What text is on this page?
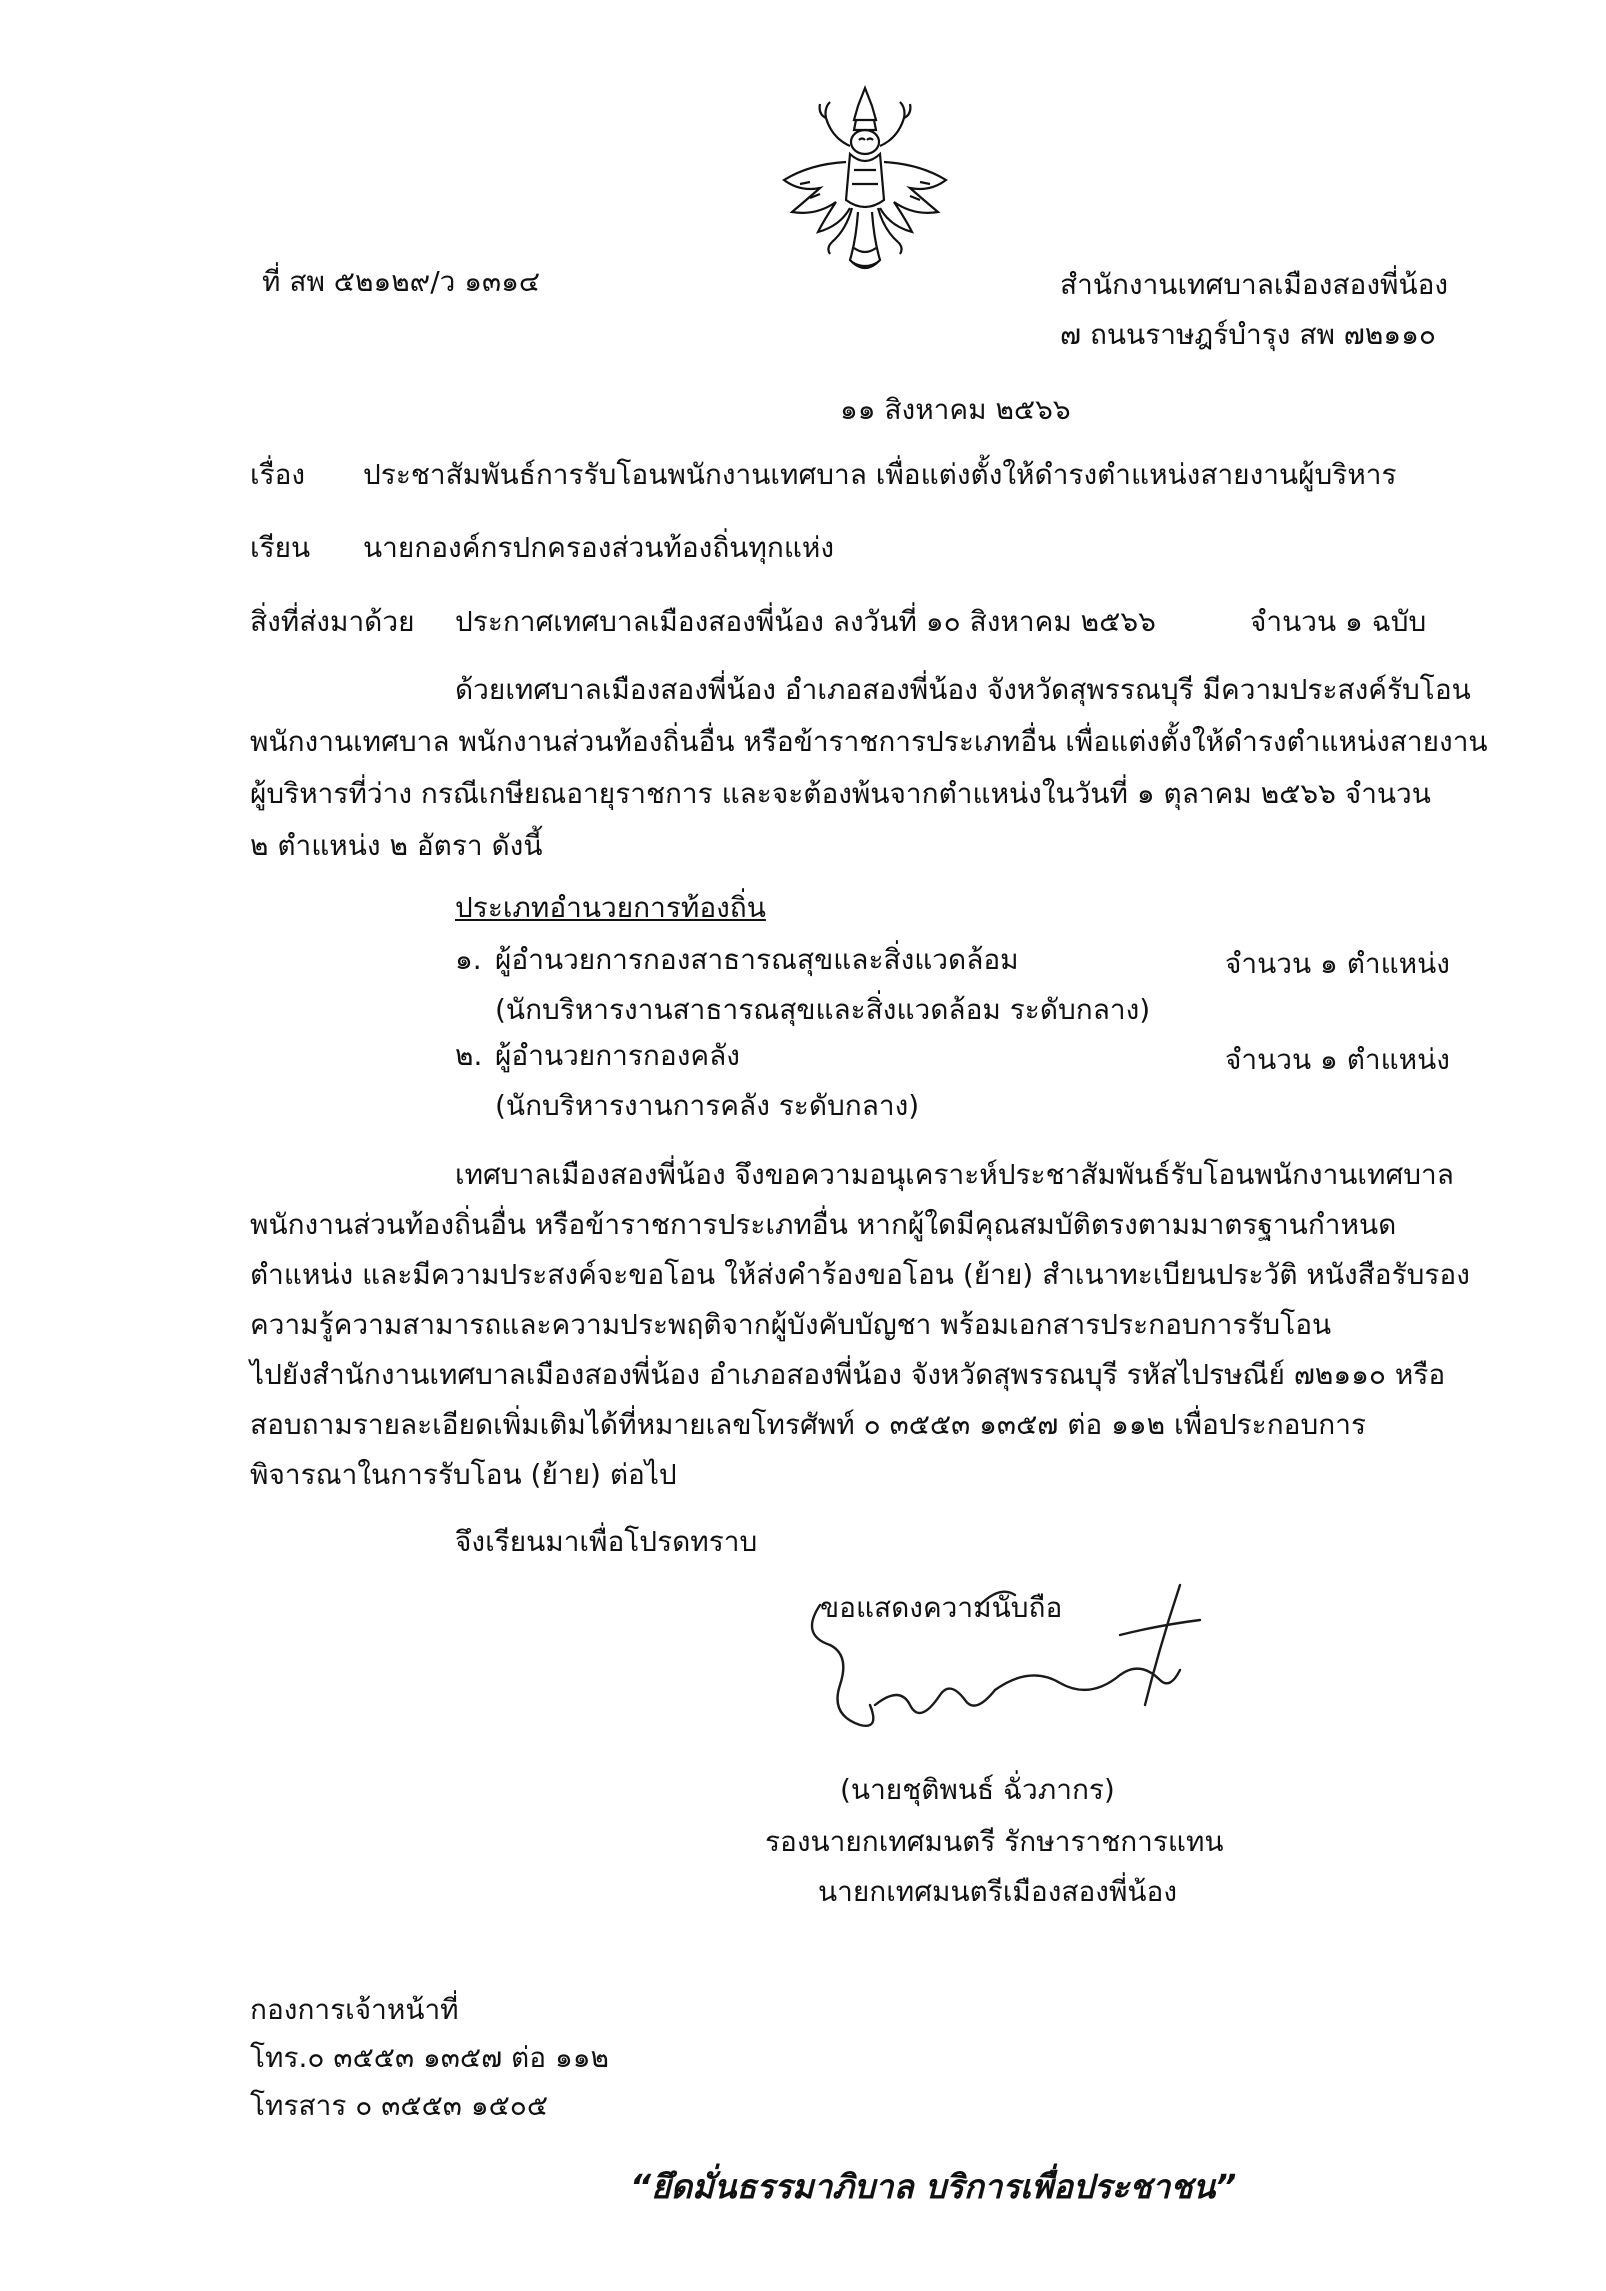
ที่ สพ ๕๒๑๒๙/ว ๑๓๑๔	สำนักงานเทศบาลเมืองสองพี่น้อง
๗ ถนนราษฎร์บำรุง สพ ๗๒๑๑๐
๑๑ สิงหาคม ๒๕๖๖
เรื่อง ประชาสัมพันธ์การรับโอนพนักงานเทศบาล เพื่อแต่งตั้งให้ดำรงตำแหน่งสายงานผู้บริหาร
เรียน นายกองค์กรปกครองส่วนท้องถิ่นทุกแห่ง
สิ่งที่ส่งมาด้วย ประกาศเทศบาลเมืองสองพี่น้อง ลงวันที่ ๑๐ สิงหาคม ๒๕๖๖	จำนวน ๑ ฉบับ
ด้วยเทศบาลเมืองสองพี่น้อง อำเภอสองพี่น้อง จังหวัดสุพรรณบุรี มีความประสงค์รับโอน
พนักงานเทศบาล พนักงานส่วนท้องถิ่นอื่น หรือข้าราชการประเภทอื่น เพื่อแต่งตั้งให้ดำรงตำแหน่งสายงาน
ผู้บริหารที่ว่าง กรณีเกษียณอายุราชการ และจะต้องพ้นจากตำแหน่งในวันที่ ๑ ตุลาคม ๒๕๖๖ จำนวน
๒ ตำแหน่ง ๒ อัตรา ดังนี้
ประเภทอำนวยการท้องถิ่น
๑. ผู้อำนวยการกองสาธารณสุขและสิ่งแวดล้อม	จำนวน ๑ ตำแหน่ง
(นักบริหารงานสาธารณสุขและสิ่งแวดล้อม ระดับกลาง)
๒. ผู้อำนวยการกองคลัง	จำนวน ๑ ตำแหน่ง
(นักบริหารงานการคลัง ระดับกลาง)
เทศบาลเมืองสองพี่น้อง จึงขอความอนุเคราะห์ประชาสัมพันธ์รับโอนพนักงานเทศบาล
พนักงานส่วนท้องถิ่นอื่น หรือข้าราชการประเภทอื่น หากผู้ใดมีคุณสมบัติตรงตามมาตรฐานกำหนด
ตำแหน่ง และมีความประสงค์จะขอโอน ให้ส่งคำร้องขอโอน (ย้าย) สำเนาทะเบียนประวัติ หนังสือรับรอง
ความรู้ความสามารถและความประพฤติจากผู้บังคับบัญชา พร้อมเอกสารประกอบการรับโอน
ไปยังสำนักงานเทศบาลเมืองสองพี่น้อง อำเภอสองพี่น้อง จังหวัดสุพรรณบุรี รหัสไปรษณีย์ ๗๒๑๑๐ หรือ
สอบถามรายละเอียดเพิ่มเติมได้ที่หมายเลขโทรศัพท์ ๐ ๓๕๕๓ ๑๓๕๗ ต่อ ๑๑๒ เพื่อประกอบการ
พิจารณาในการรับโอน (ย้าย) ต่อไป
จึงเรียนมาเพื่อโปรดทราบ
ขอแสดงความนับถือ
(นายชุติพนธ์ ฉั่วภากร)
รองนายกเทศมนตรี รักษาราชการแทน
นายกเทศมนตรีเมืองสองพี่น้อง
กองการเจ้าหน้าที่
โทร.๐ ๓๕๕๓ ๑๓๕๗ ต่อ ๑๑๒
โทรสาร ๐ ๓๕๕๓ ๑๕๐๕
“ยึดมั่นธรรมาภิบาล บริการเพื่อประชาชน”
